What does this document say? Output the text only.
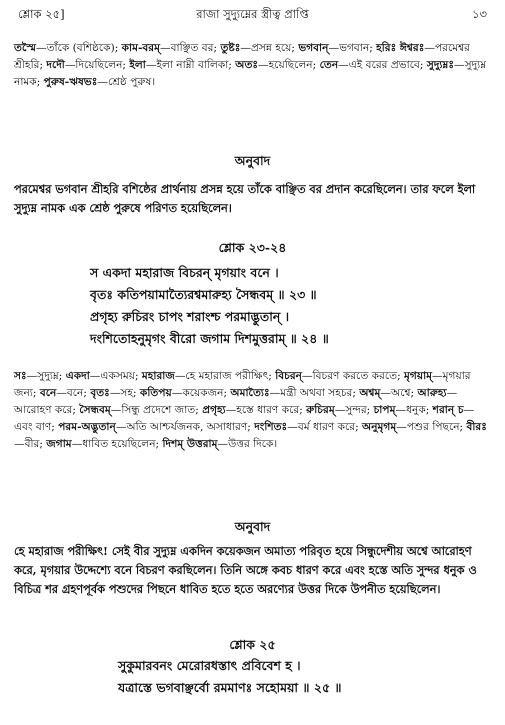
শ্লোক ২৫]	রাজা সুদ্যুম্নের স্ত্রীত্ব প্রাপ্তি	১৩
তস্মৈ—তাঁকে (বশিষ্ঠকে); কাম-বরম্—বাঞ্ছিত বর; তুষ্টঃ—প্রসন্ন হয়ে; ভগবান্—ভগবান; হরিঃ ঈশ্বরঃ—পরমেশ্বর শ্রীহরি; দদৌ—দিয়েছিলেন; ইলা—ইলা নাম্নী বালিকা; অতঃ—হয়েছিলেন; তেন—এই বরের প্রভাবে; সুদ্যুম্নঃ—সুদ্যুম্ন নামক; পুরুষ-ঋষভঃ—শ্রেষ্ঠ পুরুষ।
অনুবাদ
পরমেশ্বর ভগবান শ্রীহরি বশিষ্ঠের প্রার্থনায় প্রসন্ন হয়ে তাঁকে বাঞ্ছিত বর প্রদান করেছিলেন। তার ফলে ইলা সুদ্যুম্ন নামক এক শ্রেষ্ঠ পুরুষে পরিণত হয়েছিলেন।
শ্লোক ২৩-২৪
স একদা মহারাজ বিচরন্ মৃগয়াং বনে ।
বৃতঃ কতিপয়ামাত্যৈরশ্বমারুহ্য সৈন্ধবম্ ॥ ২৩ ॥
প্রগৃহ্য রুচিরং চাপং শরাংশ্চ পরমাদ্ভুতান্ ।
দংশিতোহনুমৃগং বীরো জগাম দিশমুত্তরাম্ ॥ ২৪ ॥
সঃ—সুদ্যুম্ন; একদা—একসময়; মহারাজ—হে মহারাজ পরীক্ষিৎ; বিচরন্—বিচরণ করতে করতে; মৃগয়াম্—মৃগয়ার জন্য; বনে—বনে; বৃতঃ—সহ; কতিপয়—কয়েকজন; অমাত্যৈঃ—মন্ত্রী অথবা সহচর; অশ্বম্—অশ্বে; আরুহ্য—আরোহণ করে; সৈন্ধবম্—সিন্ধু প্রদেশে জাত; প্রগৃহ্য—হস্তে ধারণ করে; রুচিরম্—সুন্দর; চাপম্—ধনুক; শরান্ চ—এবং বাণ; পরম-অদ্ভুতান্—অতি আশ্চর্যজনক, অসাধারণ; দংশিতঃ—বর্ম ধারণ করে; অনুমৃগম্—পশুর পিছনে; বীরঃ—বীর; জগাম—ধাবিত হয়েছিলেন; দিশম্ উত্তরাম্—উত্তর দিকে।
অনুবাদ
হে মহারাজ পরীক্ষিৎ! সেই বীর সুদ্যুম্ন একদিন কয়েকজন অমাত্য পরিবৃত হয়ে সিন্ধুদেশীয় অশ্বে আরোহণ করে, মৃগয়ার উদ্দেশ্যে বনে বিচরণ করছিলেন। তিনি অঙ্গে কবচ ধারণ করে এবং হস্তে অতি সুন্দর ধনুক ও বিচিত্র শর গ্রহণপূর্বক পশুদের পিছনে ধাবিত হতে হতে অরণ্যের উত্তর দিকে উপনীত হয়েছিলেন।
শ্লোক ২৫
সুকুমারবনং মেরোরধস্তাৎ প্রবিবেশ হ ।
যত্রাস্তে ভগবাঞ্ছর্বো রমমাণঃ সহোময়া ॥ ২৫ ॥
